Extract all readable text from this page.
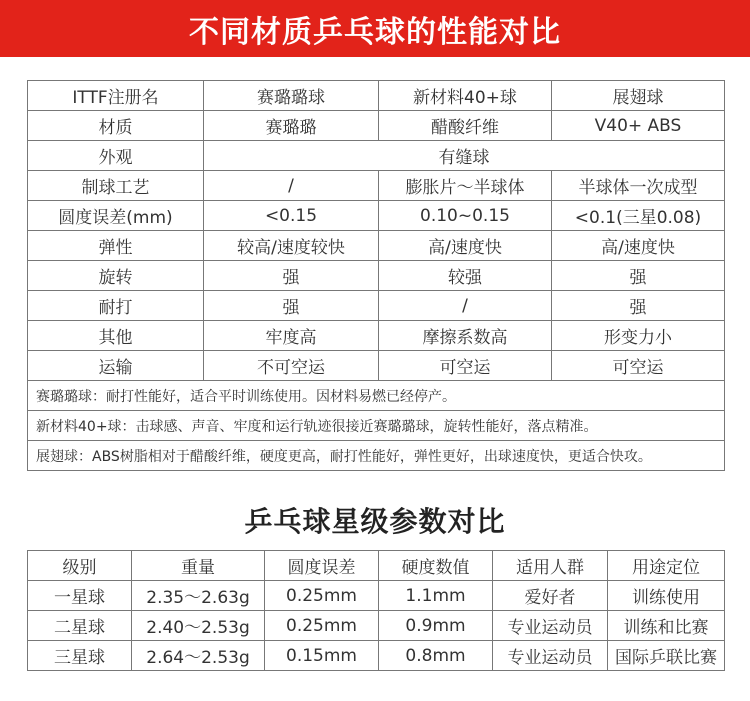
不同材质乒乓球的性能对比
ITTF注册名	赛璐璐球	新材料40+球	展翅球
材质	赛璐璐	醋酸纤维	V40+ ABS
外观	有缝球		
制球工艺	/	膨胀片～半球体	半球体一次成型
圆度误差(mm)	<0.15	0.10~0.15	<0.1(三星0.08)
弹性	较高/速度较快	高/速度快	高/速度快
旋转	强	较强	强
耐打	强	/	强
其他	牢度高	摩擦系数高	形变力小
运输	不可空运	可空运	可空运
赛璐璐球：耐打性能好，适合平时训练使用。因材料易燃已经停产。			
新材料40+球：击球感、声音、牢度和运行轨迹很接近赛璐璐球，旋转性能好，落点精准。			
展翅球：ABS树脂相对于醋酸纤维，硬度更高，耐打性能好，弹性更好，出球速度快，更适合快攻。			
乒乓球星级参数对比
级别	重量	圆度误差	硬度数值	适用人群	用途定位
一星球	2.35～2.63g	0.25mm	1.1mm	爱好者	训练使用
二星球	2.40～2.53g	0.25mm	0.9mm	专业运动员	训练和比赛
三星球	2.64～2.53g	0.15mm	0.8mm	专业运动员	国际乒联比赛
